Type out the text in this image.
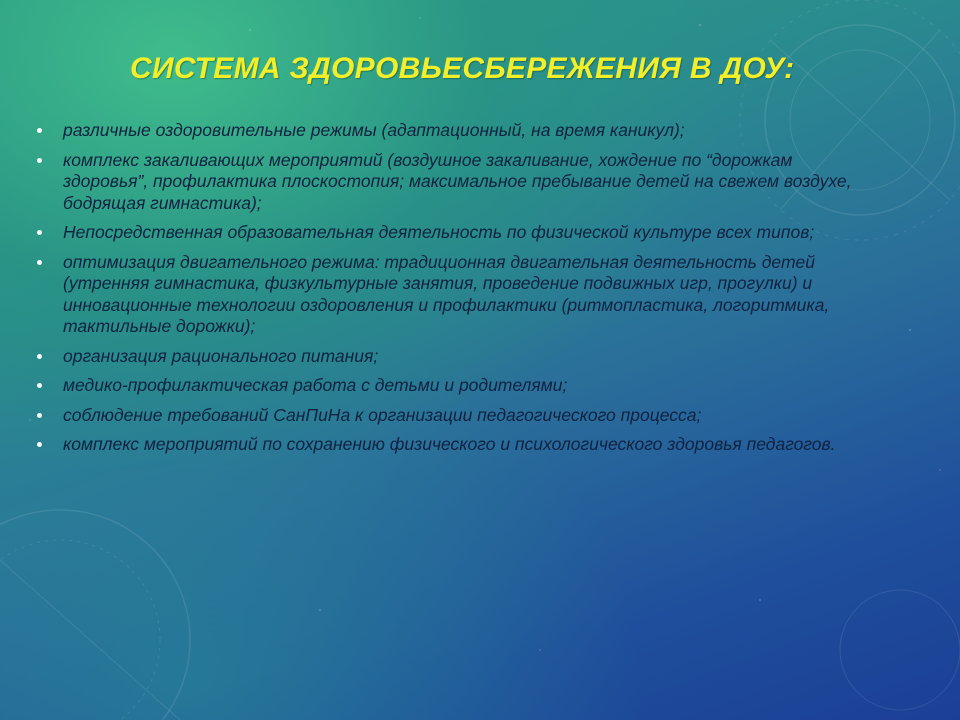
СИСТЕМА ЗДОРОВЬЕСБЕРЕЖЕНИЯ В ДОУ:
различные оздоровительные режимы (адаптационный, на время каникул);
комплекс закаливающих мероприятий (воздушное закаливание, хождение по “дорожкам здоровья”, профилактика плоскостопия; максимальное пребывание детей на свежем воздухе, бодрящая гимнастика);
Непосредственная образовательная деятельность по физической культуре всех типов;
оптимизация двигательного режима: традиционная двигательная деятельность детей (утренняя гимнастика, физкультурные занятия, проведение подвижных игр, прогулки) и инновационные технологии оздоровления и профилактики (ритмопластика, логоритмика, тактильные дорожки);
организация рационального питания;
медико-профилактическая работа с детьми и родителями;
соблюдение требований СанПиНа к организации педагогического процесса;
комплекс мероприятий по сохранению физического и психологического здоровья педагогов.
